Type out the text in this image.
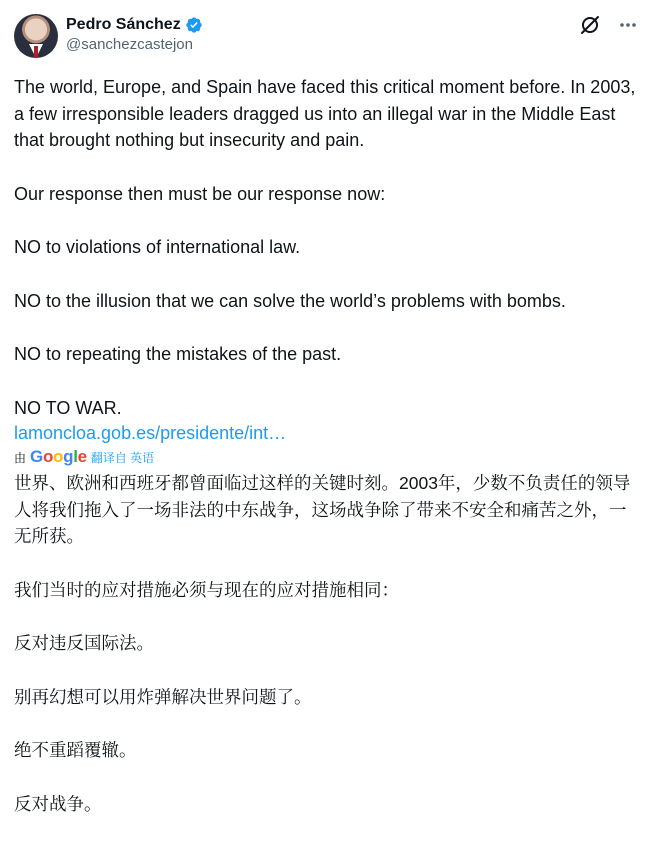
Pedro Sánchez
@sanchezcastejon

The world, Europe, and Spain have faced this critical moment before. In 2003, a few irresponsible leaders dragged us into an illegal war in the Middle East that brought nothing but insecurity and pain.

Our response then must be our response now:

NO to violations of international law.

NO to the illusion that we can solve the world’s problems with bombs.

NO to repeating the mistakes of the past.

NO TO WAR.

lamoncloa.gob.es/presidente/int…
由 Google 翻译自 英语

世界、欧洲和西班牙都曾面临过这样的关键时刻。2003年，少数不负责任的领导人将我们拖入了一场非法的中东战争，这场战争除了带来不安全和痛苦之外，一无所获。

我们当时的应对措施必须与现在的应对措施相同：

反对违反国际法。

别再幻想可以用炸弹解决世界问题了。

绝不重蹈覆辙。

反对战争。
